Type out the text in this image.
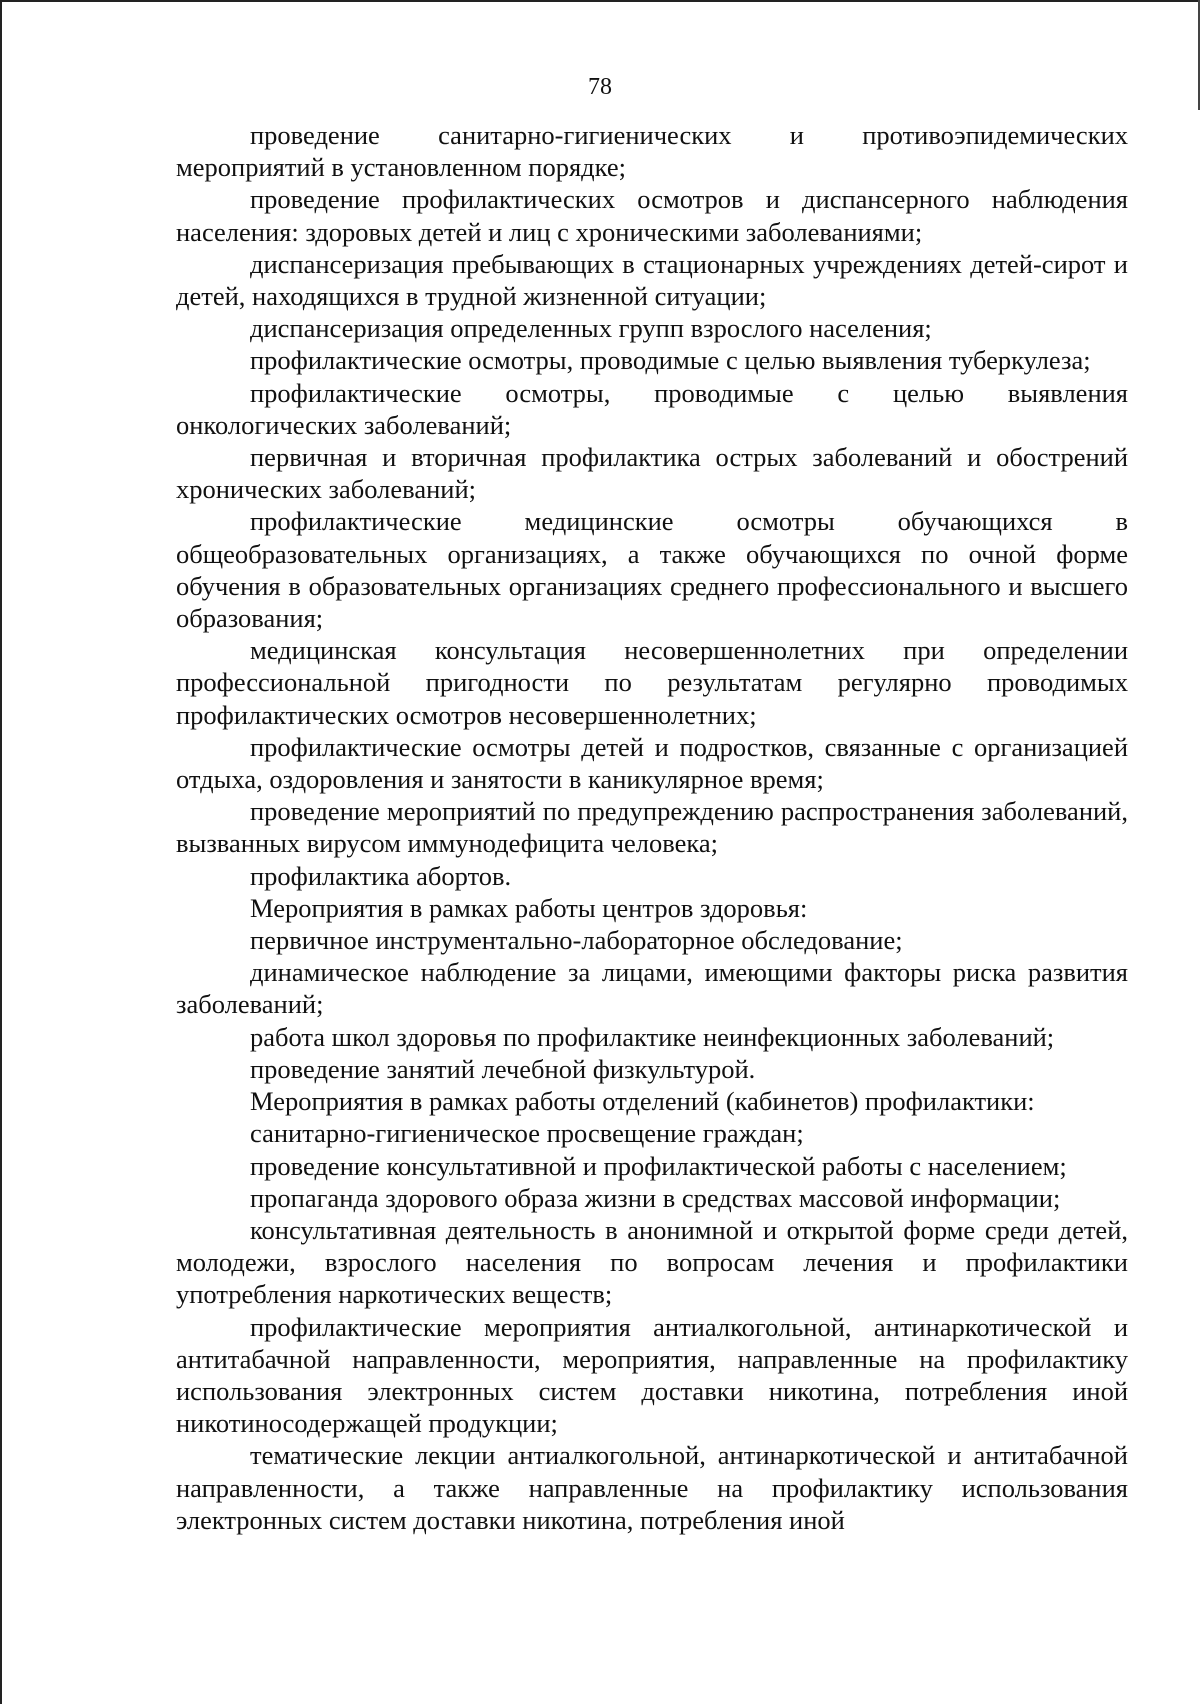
78

проведение санитарно-гигиенических и противоэпидемических мероприятий в установленном порядке;

проведение профилактических осмотров и диспансерного наблюдения населения: здоровых детей и лиц с хроническими заболеваниями;

диспансеризация пребывающих в стационарных учреждениях детей-сирот и детей, находящихся в трудной жизненной ситуации;

диспансеризация определенных групп взрослого населения;

профилактические осмотры, проводимые с целью выявления туберкулеза;

профилактические осмотры, проводимые с целью выявления онкологических заболеваний;

первичная и вторичная профилактика острых заболеваний и обострений хронических заболеваний;

профилактические медицинские осмотры обучающихся в общеобразовательных организациях, а также обучающихся по очной форме обучения в образовательных организациях среднего профессионального и высшего образования;

медицинская консультация несовершеннолетних при определении профессиональной пригодности по результатам регулярно проводимых профилактических осмотров несовершеннолетних;

профилактические осмотры детей и подростков, связанные с организацией отдыха, оздоровления и занятости в каникулярное время;

проведение мероприятий по предупреждению распространения заболеваний, вызванных вирусом иммунодефицита человека;

профилактика абортов.

Мероприятия в рамках работы центров здоровья:

первичное инструментально-лабораторное обследование;

динамическое наблюдение за лицами, имеющими факторы риска развития заболеваний;

работа школ здоровья по профилактике неинфекционных заболеваний;

проведение занятий лечебной физкультурой.

Мероприятия в рамках работы отделений (кабинетов) профилактики:

санитарно-гигиеническое просвещение граждан;

проведение консультативной и профилактической работы с населением;

пропаганда здорового образа жизни в средствах массовой информации;

консультативная деятельность в анонимной и открытой форме среди детей, молодежи, взрослого населения по вопросам лечения и профилактики употребления наркотических веществ;

профилактические мероприятия антиалкогольной, антинаркотической и антитабачной направленности, мероприятия, направленные на профилактику использования электронных систем доставки никотина, потребления иной никотиносодержащей продукции;

тематические лекции антиалкогольной, антинаркотической и антитабачной направленности, а также направленные на профилактику использования электронных систем доставки никотина, потребления иной
